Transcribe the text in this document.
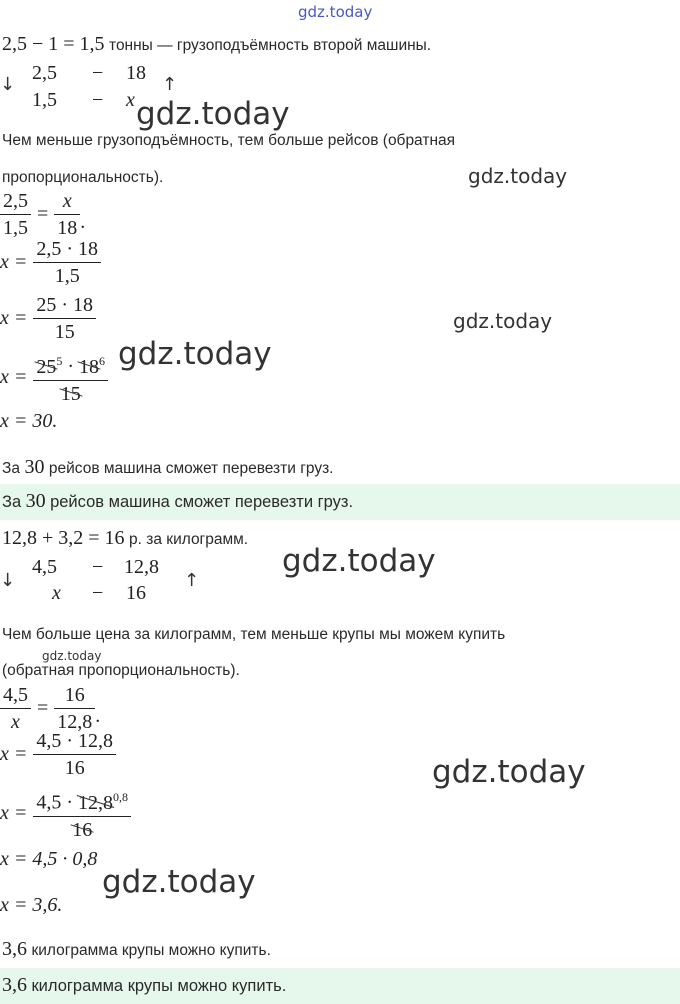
gdz.today
2,5 − 1 = 1,5 тонны — грузоподъёмность второй машины.
↓
2,5 − 18
1,5 − x
↑
gdz.today
Чем меньше грузоподъёмность, тем больше рейсов (обратная
пропорциональность).	gdz.today
$\frac{2,5}{1,5} = \frac{x}{18}$ .
$x = \frac{2,5 \cdot 18}{1,5}$
$x = \frac{25 \cdot 18}{15}$	gdz.today
$x = \frac{25^5 \cdot 18^6}{15}$ gdz.today
x = 30.
За 30 рейсов машина сможет перевезти груз.
За 30 рейсов машина сможет перевезти груз.
12,8 + 3,2 = 16 р. за килограмм.
↓
4,5 − 12,8
x − 16
↑
gdz.today
Чем больше цена за килограмм, тем меньше крупы мы можем купить
gdz.today
(обратная пропорциональность).
$\frac{4,5}{x} = \frac{16}{12,8}$ .
$x = \frac{4,5 \cdot 12,8}{16}$	gdz.today
$x = \frac{4,5 \cdot 12,8^{0,8}}{16}$
x = 4,5 · 0,8
gdz.today
x = 3,6.
3,6 килограмма крупы можно купить.
3,6 килограмма крупы можно купить.
